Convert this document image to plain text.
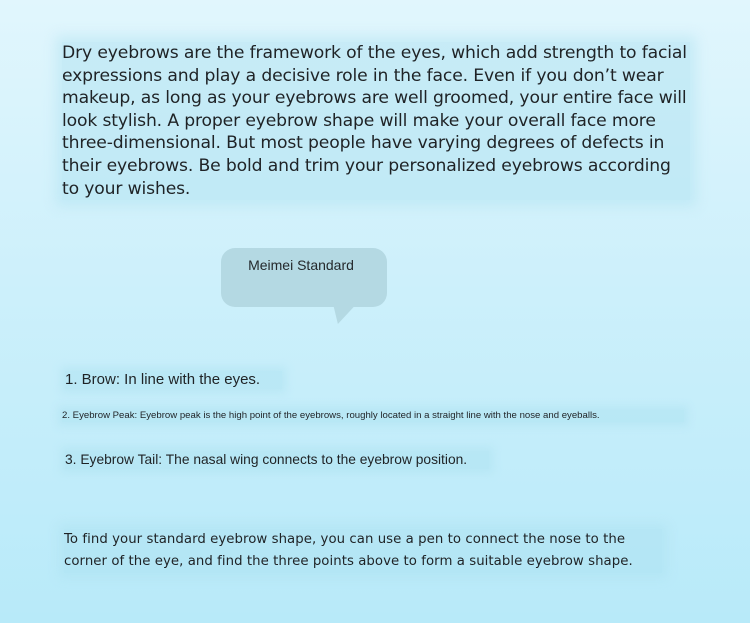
Dry eyebrows are the framework of the eyes, which add strength to facial expressions and play a decisive role in the face. Even if you don’t wear makeup, as long as your eyebrows are well groomed, your entire face will look stylish. A proper eyebrow shape will make your overall face more three-dimensional. But most people have varying degrees of defects in their eyebrows. Be bold and trim your personalized eyebrows according to your wishes.

Meimei Standard

1. Brow: In line with the eyes.

2. Eyebrow Peak: Eyebrow peak is the high point of the eyebrows, roughly located in a straight line with the nose and eyeballs.

3. Eyebrow Tail: The nasal wing connects to the eyebrow position.

To find your standard eyebrow shape, you can use a pen to connect the nose to the corner of the eye, and find the three points above to form a suitable eyebrow shape.
